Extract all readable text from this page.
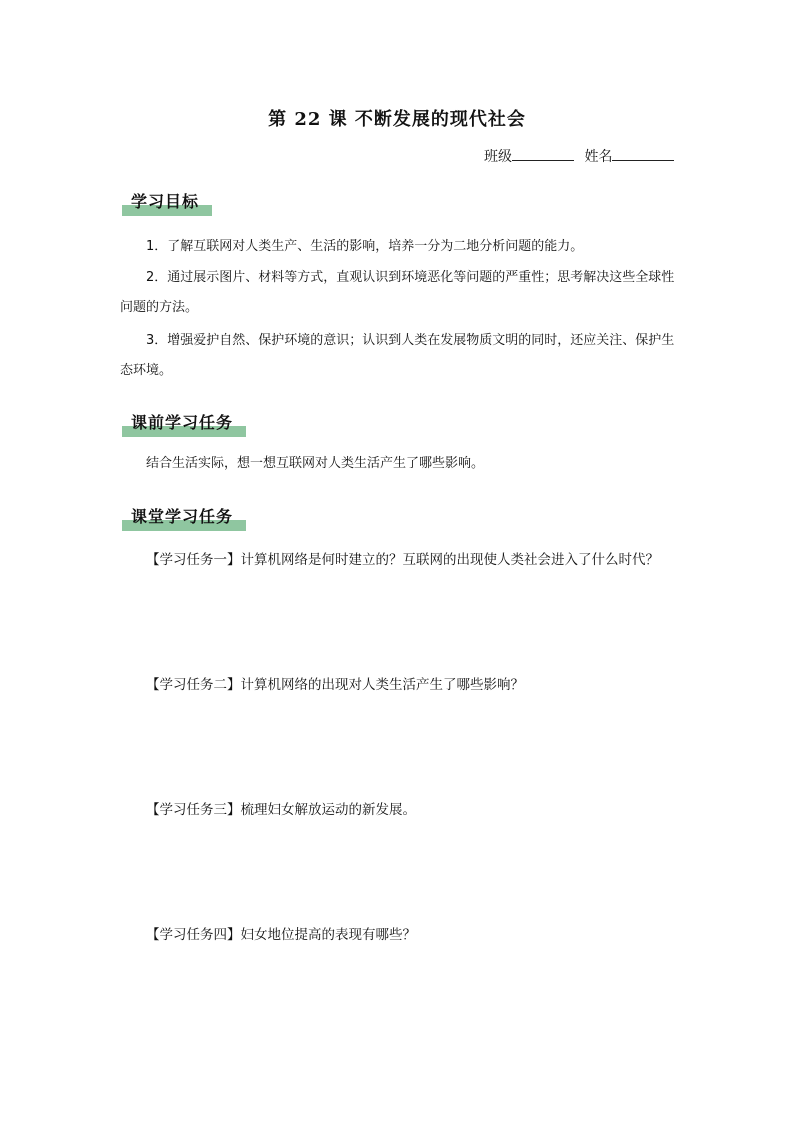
第 22 课 不断发展的现代社会
班级	姓名
学习目标
1．了解互联网对人类生产、生活的影响，培养一分为二地分析问题的能力。
2．通过展示图片、材料等方式，直观认识到环境恶化等问题的严重性；思考解决这些全球性问题的方法。
3．增强爱护自然、保护环境的意识；认识到人类在发展物质文明的同时，还应关注、保护生态环境。
课前学习任务
结合生活实际，想一想互联网对人类生活产生了哪些影响。
课堂学习任务
【学习任务一】计算机网络是何时建立的？互联网的出现使人类社会进入了什么时代？
【学习任务二】计算机网络的出现对人类生活产生了哪些影响？
【学习任务三】梳理妇女解放运动的新发展。
【学习任务四】妇女地位提高的表现有哪些？
